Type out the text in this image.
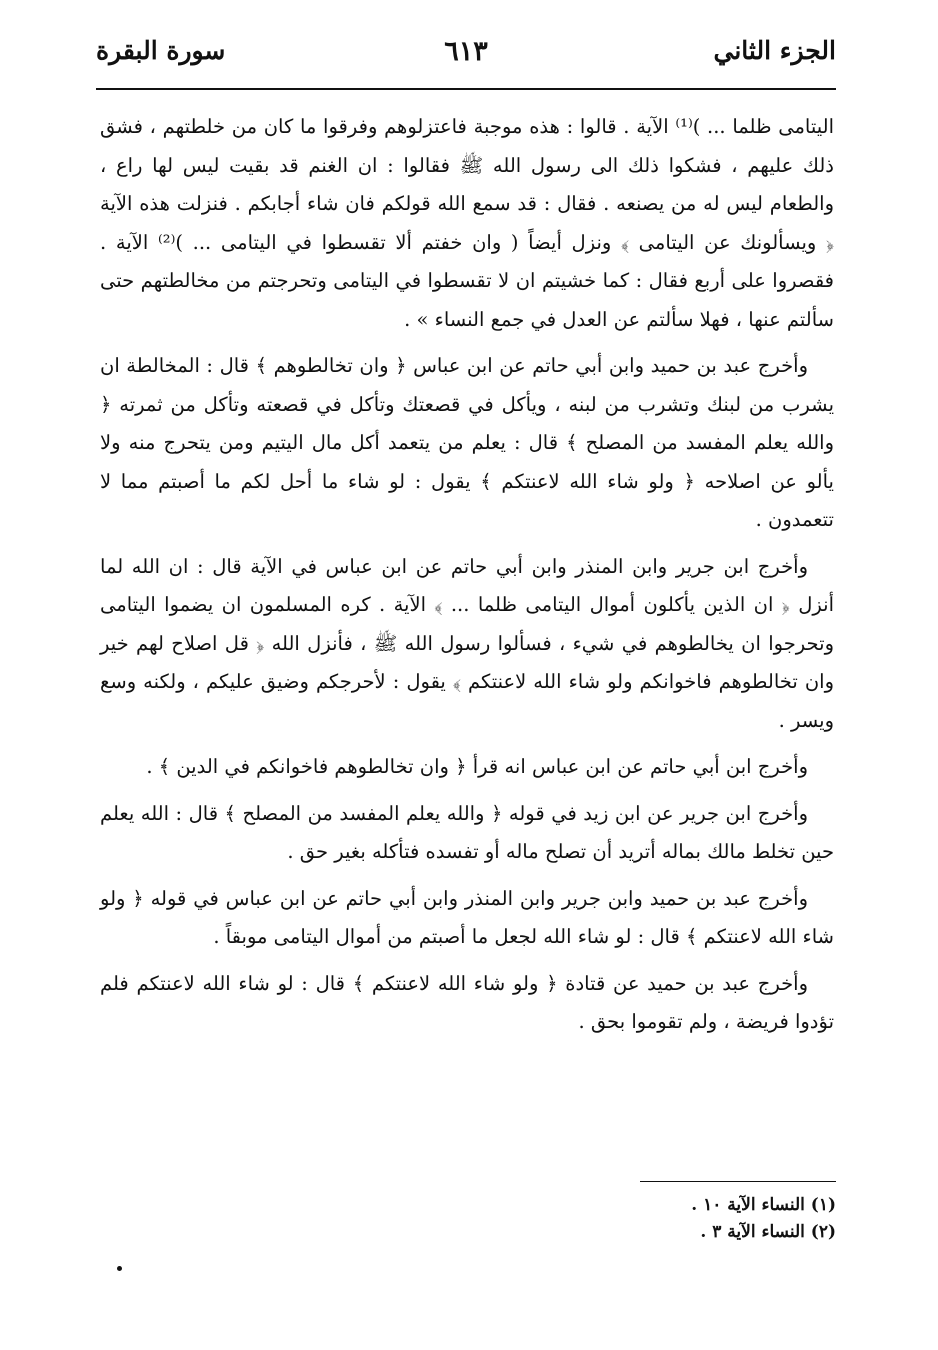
الجزء الثاني
٦١٣
سورة البقرة

اليتامى ظلما ... )⁽¹⁾ الآية . قالوا : هذه موجبة فاعتزلوهم وفرقوا ما كان من خلطتهم ، فشق ذلك عليهم ، فشكوا ذلك الى رسول الله ﷺ فقالوا : ان الغنم قد بقيت ليس لها راع ، والطعام ليس له من يصنعه . فقال : قد سمع الله قولكم فان شاء أجابكم . فنزلت هذه الآية ﴿ ويسألونك عن اليتامى ﴾ ونزل أيضاً ( وان خفتم ألا تقسطوا في اليتامى ... )⁽²⁾ الآية . فقصروا على أربع فقال : كما خشيتم ان لا تقسطوا في اليتامى وتحرجتم من مخالطتهم حتى سألتم عنها ، فهلا سألتم عن العدل في جمع النساء » .

وأخرج عبد بن حميد وابن أبي حاتم عن ابن عباس ﴿ وان تخالطوهم ﴾ قال : المخالطة ان يشرب من لبنك وتشرب من لبنه ، ويأكل في قصعتك وتأكل في قصعته وتأكل من ثمرته ﴿ والله يعلم المفسد من المصلح ﴾ قال : يعلم من يتعمد أكل مال اليتيم ومن يتحرج منه ولا يألو عن اصلاحه ﴿ ولو شاء الله لاعنتكم ﴾ يقول : لو شاء ما أحل لكم ما أصبتم مما لا تتعمدون .

وأخرج ابن جرير وابن المنذر وابن أبي حاتم عن ابن عباس في الآية قال : ان الله لما أنزل ﴿ ان الذين يأكلون أموال اليتامى ظلما ... ﴾ الآية . كره المسلمون ان يضموا اليتامى وتحرجوا ان يخالطوهم في شيء ، فسألوا رسول الله ﷺ ، فأنزل الله ﴿ قل اصلاح لهم خير وان تخالطوهم فاخوانكم ولو شاء الله لاعنتكم ﴾ يقول : لأحرجكم وضيق عليكم ، ولكنه وسع ويسر .

وأخرج ابن أبي حاتم عن ابن عباس انه قرأ ﴿ وان تخالطوهم فاخوانكم في الدين ﴾ .

وأخرج ابن جرير عن ابن زيد في قوله ﴿ والله يعلم المفسد من المصلح ﴾ قال : الله يعلم حين تخلط مالك بماله أتريد أن تصلح ماله أو تفسده فتأكله بغير حق .

وأخرج عبد بن حميد وابن جرير وابن المنذر وابن أبي حاتم عن ابن عباس في قوله ﴿ ولو شاء الله لاعنتكم ﴾ قال : لو شاء الله لجعل ما أصبتم من أموال اليتامى موبقاً .

وأخرج عبد بن حميد عن قتادة ﴿ ولو شاء الله لاعنتكم ﴾ قال : لو شاء الله لاعنتكم فلم تؤدوا فريضة ، ولم تقوموا بحق .

(١) النساء الآية ١٠ .
(٢) النساء الآية ٣ .
